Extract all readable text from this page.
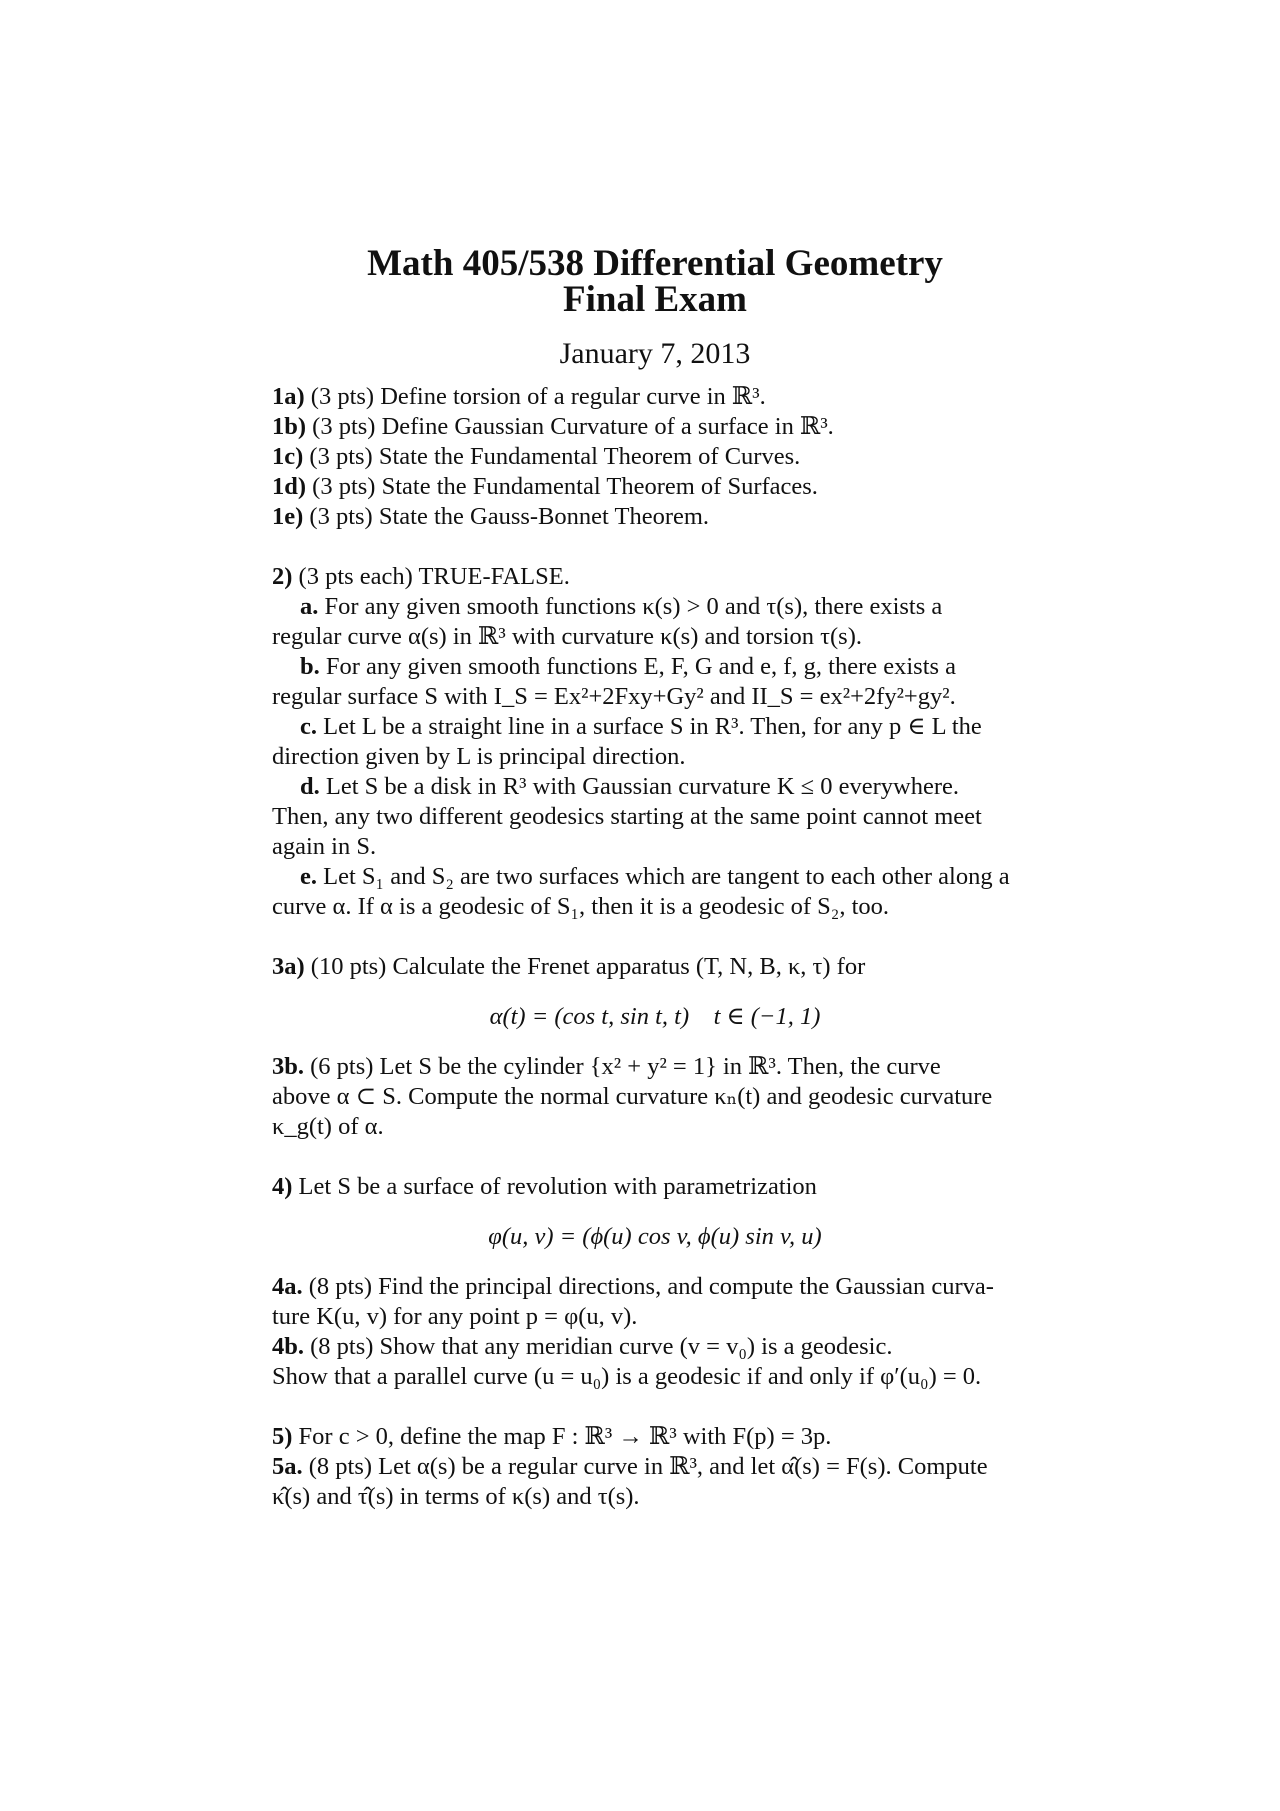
Math 405/538 Differential Geometry
Final Exam
January 7, 2013
1a) (3 pts) Define torsion of a regular curve in ℝ³.
1b) (3 pts) Define Gaussian Curvature of a surface in ℝ³.
1c) (3 pts) State the Fundamental Theorem of Curves.
1d) (3 pts) State the Fundamental Theorem of Surfaces.
1e) (3 pts) State the Gauss-Bonnet Theorem.
2) (3 pts each) TRUE-FALSE.
a. For any given smooth functions κ(s) > 0 and τ(s), there exists a
regular curve α(s) in ℝ³ with curvature κ(s) and torsion τ(s).
b. For any given smooth functions E, F, G and e, f, g, there exists a
regular surface S with I_S = Ex²+2Fxy+Gy² and II_S = ex²+2fy²+gy².
c. Let L be a straight line in a surface S in R³. Then, for any p ∈ L the
direction given by L is principal direction.
d. Let S be a disk in R³ with Gaussian curvature K ≤ 0 everywhere.
Then, any two different geodesics starting at the same point cannot meet
again in S.
e. Let S₁ and S₂ are two surfaces which are tangent to each other along a
curve α. If α is a geodesic of S₁, then it is a geodesic of S₂, too.
3a) (10 pts) Calculate the Frenet apparatus (T, N, B, κ, τ) for
α(t) = (cos t, sin t, t)    t ∈ (−1, 1)
3b. (6 pts) Let S be the cylinder {x² + y² = 1} in ℝ³. Then, the curve
above α ⊂ S. Compute the normal curvature κₙ(t) and geodesic curvature
κ_g(t) of α.
4) Let S be a surface of revolution with parametrization
φ(u, v) = (ϕ(u) cos v, ϕ(u) sin v, u)
4a. (8 pts) Find the principal directions, and compute the Gaussian curva-
ture K(u, v) for any point p = φ(u, v).
4b. (8 pts) Show that any meridian curve (v = v₀) is a geodesic.
Show that a parallel curve (u = u₀) is a geodesic if and only if φ′(u₀) = 0.
5) For c > 0, define the map F : ℝ³ → ℝ³ with F(p) = 3p.
5a. (8 pts) Let α(s) be a regular curve in ℝ³, and let α̂(s) = F(s). Compute
κ̂(s) and τ̂(s) in terms of κ(s) and τ(s).
